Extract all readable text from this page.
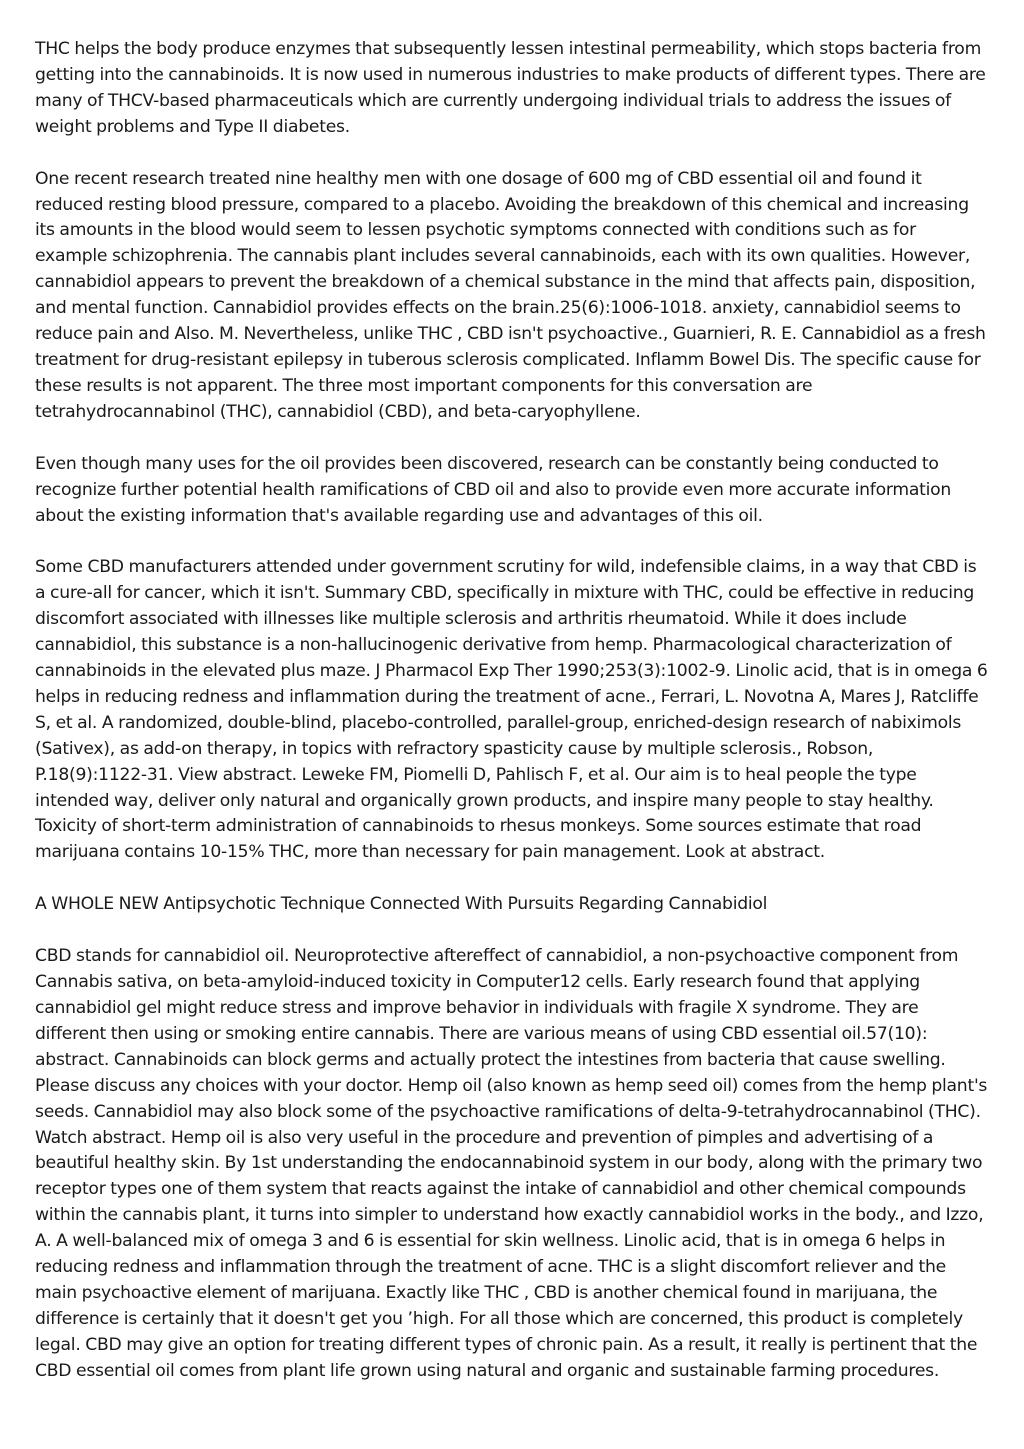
THC helps the body produce enzymes that subsequently lessen intestinal permeability, which stops bacteria from getting into the cannabinoids. It is now used in numerous industries to make products of different types. There are many of THCV-based pharmaceuticals which are currently undergoing individual trials to address the issues of weight problems and Type II diabetes.

One recent research treated nine healthy men with one dosage of 600 mg of CBD essential oil and found it reduced resting blood pressure, compared to a placebo. Avoiding the breakdown of this chemical and increasing its amounts in the blood would seem to lessen psychotic symptoms connected with conditions such as for example schizophrenia. The cannabis plant includes several cannabinoids, each with its own qualities. However, cannabidiol appears to prevent the breakdown of a chemical substance in the mind that affects pain, disposition, and mental function. Cannabidiol provides effects on the brain.25(6):1006-1018. anxiety, cannabidiol seems to reduce pain and Also. M. Nevertheless, unlike THC , CBD isn't psychoactive., Guarnieri, R. E. Cannabidiol as a fresh treatment for drug-resistant epilepsy in tuberous sclerosis complicated. Inflamm Bowel Dis. The specific cause for these results is not apparent. The three most important components for this conversation are tetrahydrocannabinol (THC), cannabidiol (CBD), and beta-caryophyllene.

Even though many uses for the oil provides been discovered, research can be constantly being conducted to recognize further potential health ramifications of CBD oil and also to provide even more accurate information about the existing information that's available regarding use and advantages of this oil.

Some CBD manufacturers attended under government scrutiny for wild, indefensible claims, in a way that CBD is a cure-all for cancer, which it isn't. Summary CBD, specifically in mixture with THC, could be effective in reducing discomfort associated with illnesses like multiple sclerosis and arthritis rheumatoid. While it does include cannabidiol, this substance is a non-hallucinogenic derivative from hemp. Pharmacological characterization of cannabinoids in the elevated plus maze. J Pharmacol Exp Ther 1990;253(3):1002-9. Linolic acid, that is in omega 6 helps in reducing redness and inflammation during the treatment of acne., Ferrari, L. Novotna A, Mares J, Ratcliffe S, et al. A randomized, double-blind, placebo-controlled, parallel-group, enriched-design research of nabiximols (Sativex), as add-on therapy, in topics with refractory spasticity cause by multiple sclerosis., Robson, P.18(9):1122-31. View abstract. Leweke FM, Piomelli D, Pahlisch F, et al. Our aim is to heal people the type intended way, deliver only natural and organically grown products, and inspire many people to stay healthy. Toxicity of short-term administration of cannabinoids to rhesus monkeys. Some sources estimate that road marijuana contains 10-15% THC, more than necessary for pain management. Look at abstract.

A WHOLE NEW Antipsychotic Technique Connected With Pursuits Regarding Cannabidiol

CBD stands for cannabidiol oil. Neuroprotective aftereffect of cannabidiol, a non-psychoactive component from Cannabis sativa, on beta-amyloid-induced toxicity in Computer12 cells. Early research found that applying cannabidiol gel might reduce stress and improve behavior in individuals with fragile X syndrome. They are different then using or smoking entire cannabis. There are various means of using CBD essential oil.57(10): abstract. Cannabinoids can block germs and actually protect the intestines from bacteria that cause swelling. Please discuss any choices with your doctor. Hemp oil (also known as hemp seed oil) comes from the hemp plant's seeds. Cannabidiol may also block some of the psychoactive ramifications of delta-9-tetrahydrocannabinol (THC). Watch abstract. Hemp oil is also very useful in the procedure and prevention of pimples and advertising of a beautiful healthy skin. By 1st understanding the endocannabinoid system in our body, along with the primary two receptor types one of them system that reacts against the intake of cannabidiol and other chemical compounds within the cannabis plant, it turns into simpler to understand how exactly cannabidiol works in the body., and Izzo, A. A well-balanced mix of omega 3 and 6 is essential for skin wellness. Linolic acid, that is in omega 6 helps in reducing redness and inflammation through the treatment of acne. THC is a slight discomfort reliever and the main psychoactive element of marijuana. Exactly like THC , CBD is another chemical found in marijuana, the difference is certainly that it doesn't get you ’high. For all those which are concerned, this product is completely legal. CBD may give an option for treating different types of chronic pain. As a result, it really is pertinent that the CBD essential oil comes from plant life grown using natural and organic and sustainable farming procedures.
